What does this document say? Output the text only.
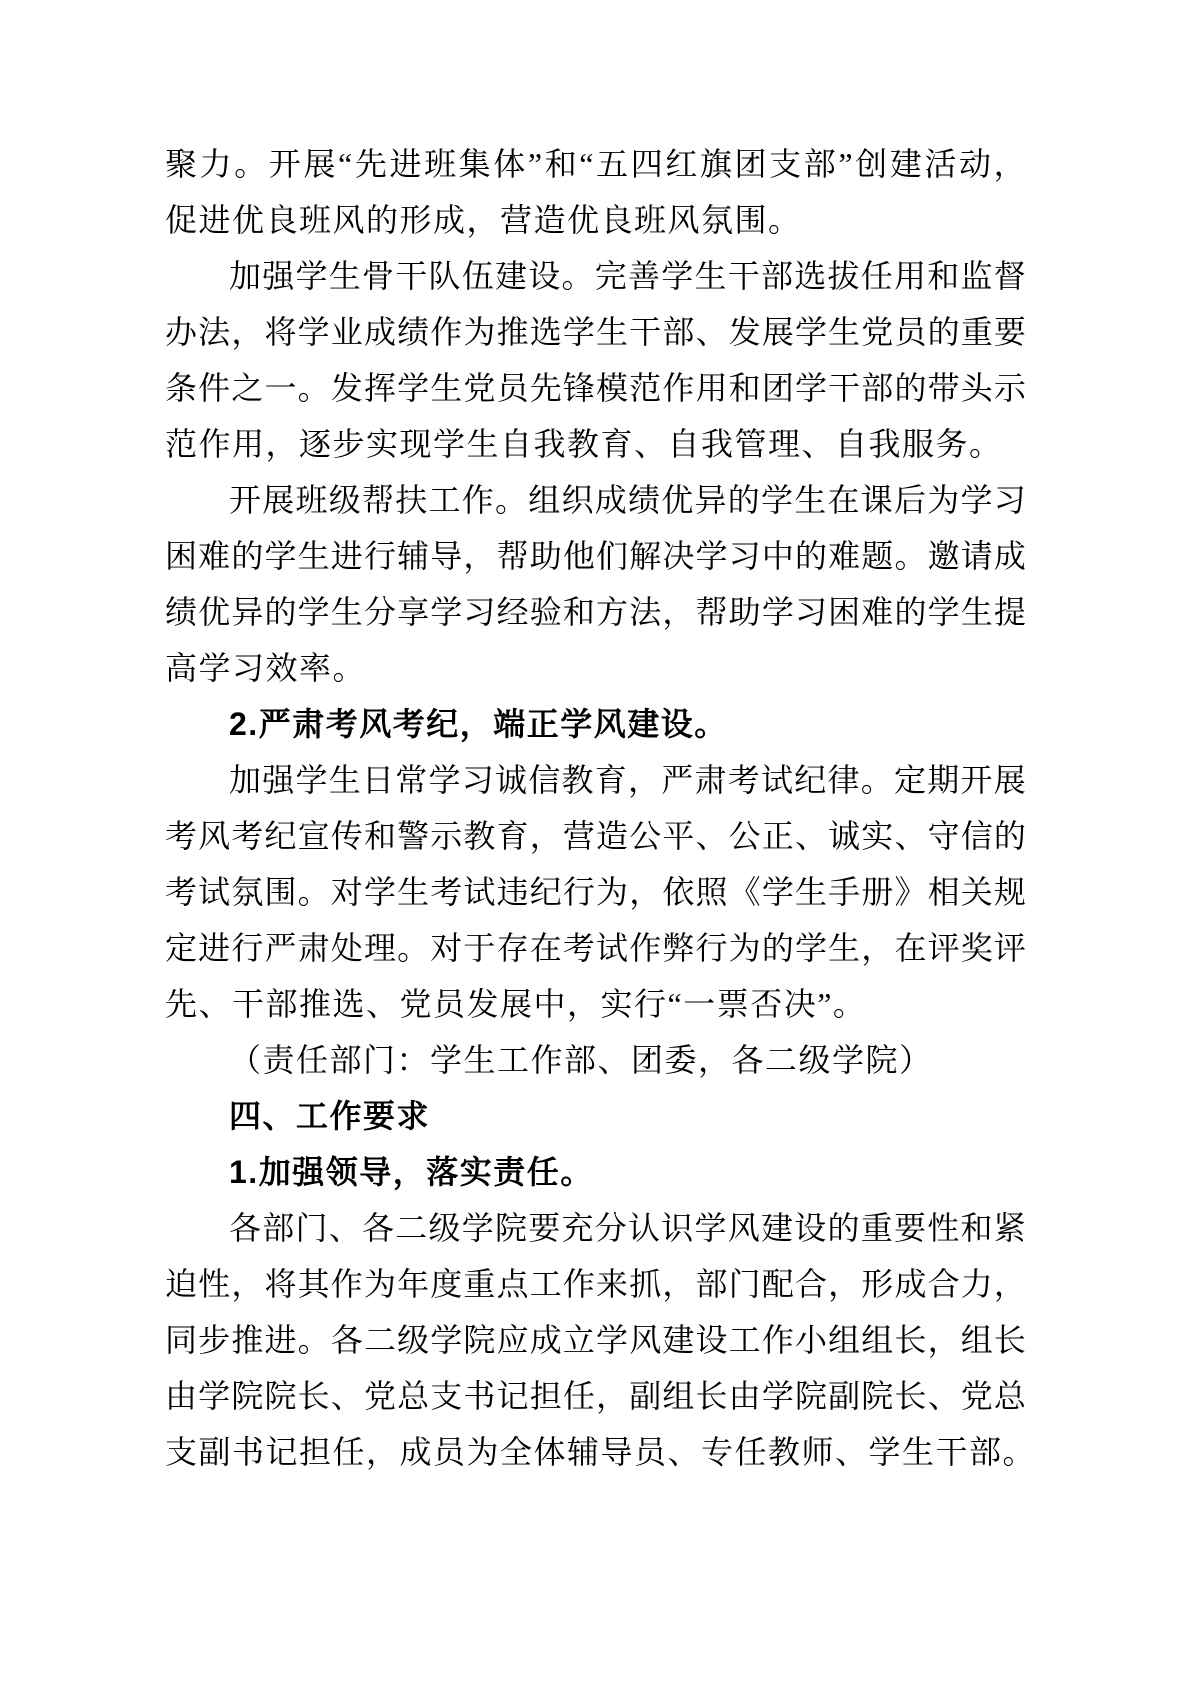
聚 力 。 开 展 “ 先 进 班 集 体 ” 和 “ 五 四 红 旗 团 支 部 ” 创 建 活 动 ，
促进优良班风的形成，营造优良班风氛围。
加 强 学 生 骨 干 队 伍 建 设 。 完 善 学 生 干 部 选 拔 任 用 和 监 督
办 法 ， 将 学 业 成 绩 作 为 推 选 学 生 干 部 、 发 展 学 生 党 员 的 重 要
条 件 之 一 。 发 挥 学 生 党 员 先 锋 模 范 作 用 和 团 学 干 部 的 带 头 示
范作用，逐步实现学生自我教育、自我管理、自我服务。
开 展 班 级 帮 扶 工 作 。 组 织 成 绩 优 异 的 学 生 在 课 后 为 学 习
困 难 的 学 生 进 行 辅 导 ， 帮 助 他 们 解 决 学 习 中 的 难 题 。 邀 请 成
绩 优 异 的 学 生 分 享 学 习 经 验 和 方 法 ， 帮 助 学 习 困 难 的 学 生 提
高学习效率。
2.严肃考风考纪，端正学风建设。
加 强 学 生 日 常 学 习 诚 信 教 育 ， 严 肃 考 试 纪 律 。 定 期 开 展
考 风 考 纪 宣 传 和 警 示 教 育 ， 营 造 公 平 、 公 正 、 诚 实 、 守 信 的
考 试 氛 围 。 对 学 生 考 试 违 纪 行 为 ， 依 照 《 学 生 手 册 》 相 关 规
定 进 行 严 肃 处 理 。 对 于 存 在 考 试 作 弊 行 为 的 学 生 ， 在 评 奖 评
先、干部推选、党员发展中，实行“一票否决”。
（责任部门：学生工作部、团委，各二级学院）
四、工作要求
1.加强领导，落实责任。
各 部 门 、 各 二 级 学 院 要 充 分 认 识 学 风 建 设 的 重 要 性 和 紧
迫 性 ， 将 其 作 为 年 度 重 点 工 作 来 抓 ， 部 门 配 合 ， 形 成 合 力 ，
同 步 推 进 。 各 二 级 学 院 应 成 立 学 风 建 设 工 作 小 组 组 长 ， 组 长
由 学 院 院 长 、 党 总 支 书 记 担 任 ， 副 组 长 由 学 院 副 院 长 、 党 总
支副书记担任，成员为全体辅导员、专任教师、学生干部。
